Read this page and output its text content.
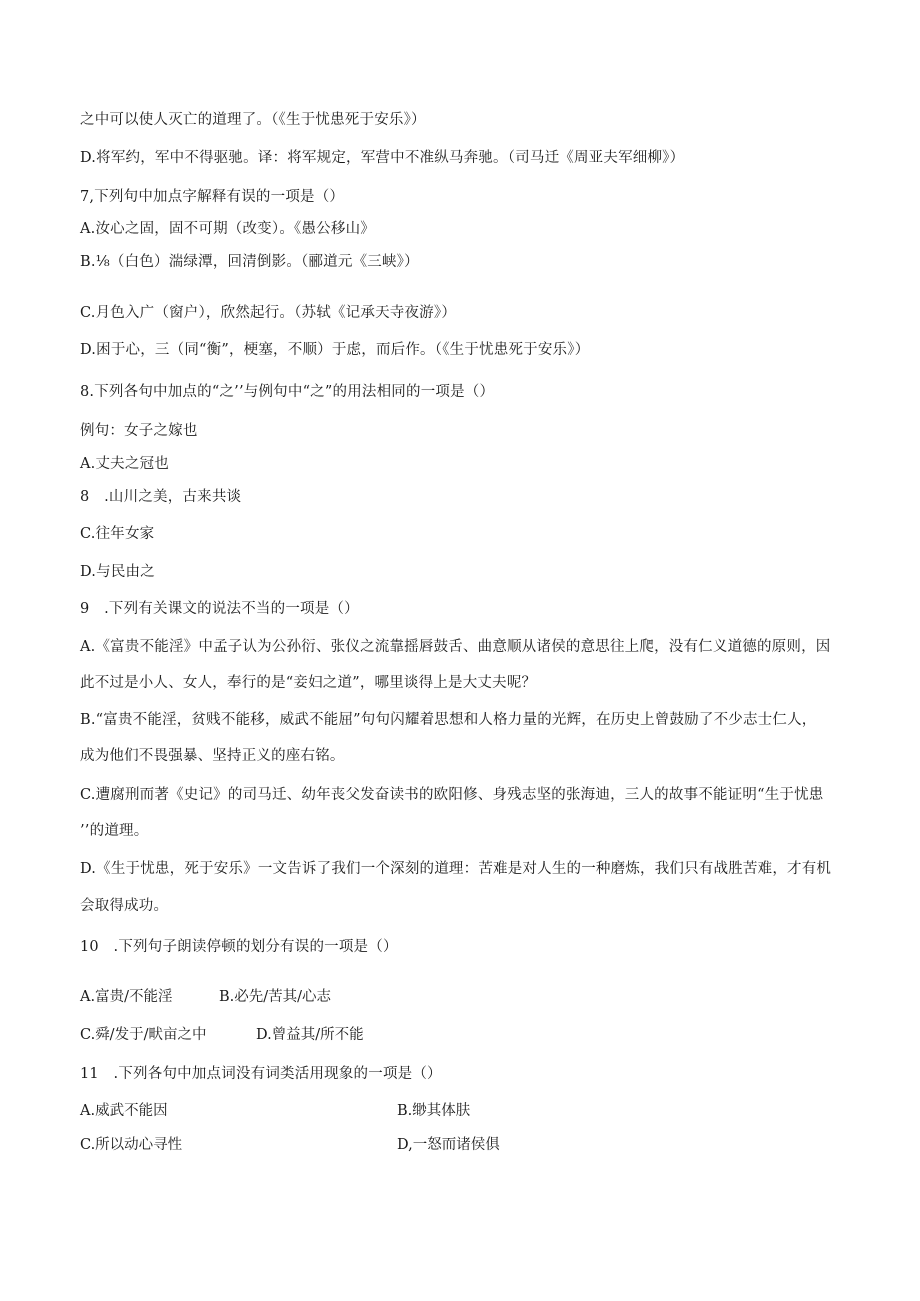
之中可以使人灭亡的道理了。（《生于忧患死于安乐》）
D.将军约，军中不得驱驰。译：将军规定，军营中不准纵马奔驰。（司马迁《周亚夫军细柳》）
7,下列句中加点字解释有误的一项是（）
A.汝心之固，固不可期（改变）。《愚公移山》
B.⅛（白色）湍绿潭，回清倒影。（郦道元《三峡》）
C.月色入广（窗户），欣然起行。（苏轼《记承天寺夜游》）
D.困于心，三（同“衡”，梗塞，不顺）于虑，而后作。（《生于忧患死于安乐》）
8.下列各句中加点的“之’’与例句中“之”的用法相同的一项是（）
例句：女子之嫁也
A.丈夫之冠也
8　.山川之美，古来共谈
C.往年女家
D.与民由之
9　.下列有关课文的说法不当的一项是（）
A.《富贵不能淫》中孟子认为公孙衍、张仪之流靠摇唇鼓舌、曲意顺从诸侯的意思往上爬，没有仁义道德的原则，因
此不过是小人、女人，奉行的是“妾妇之道”，哪里谈得上是大丈夫呢？
B.“富贵不能淫，贫贱不能移，威武不能屈”句句闪耀着思想和人格力量的光辉，在历史上曾鼓励了不少志士仁人，
成为他们不畏强暴、坚持正义的座右铭。
C.遭腐刑而著《史记》的司马迁、幼年丧父发奋读书的欧阳修、身残志坚的张海迪，三人的故事不能证明“生于忧患
’’的道理。
D.《生于忧患，死于安乐》一文告诉了我们一个深刻的道理：苦难是对人生的一种磨炼，我们只有战胜苦难，才有机
会取得成功。
10　.下列句子朗读停顿的划分有误的一项是（）
A.富贵/不能淫	B.必先/苦其/心志
C.舜/发于/畎亩之中	D.曾益其/所不能
11　.下列各句中加点词没有词类活用现象的一项是（）
A.威武不能因	B.缈其体肤
C.所以动心寻性	D,一怒而诸侯俱
